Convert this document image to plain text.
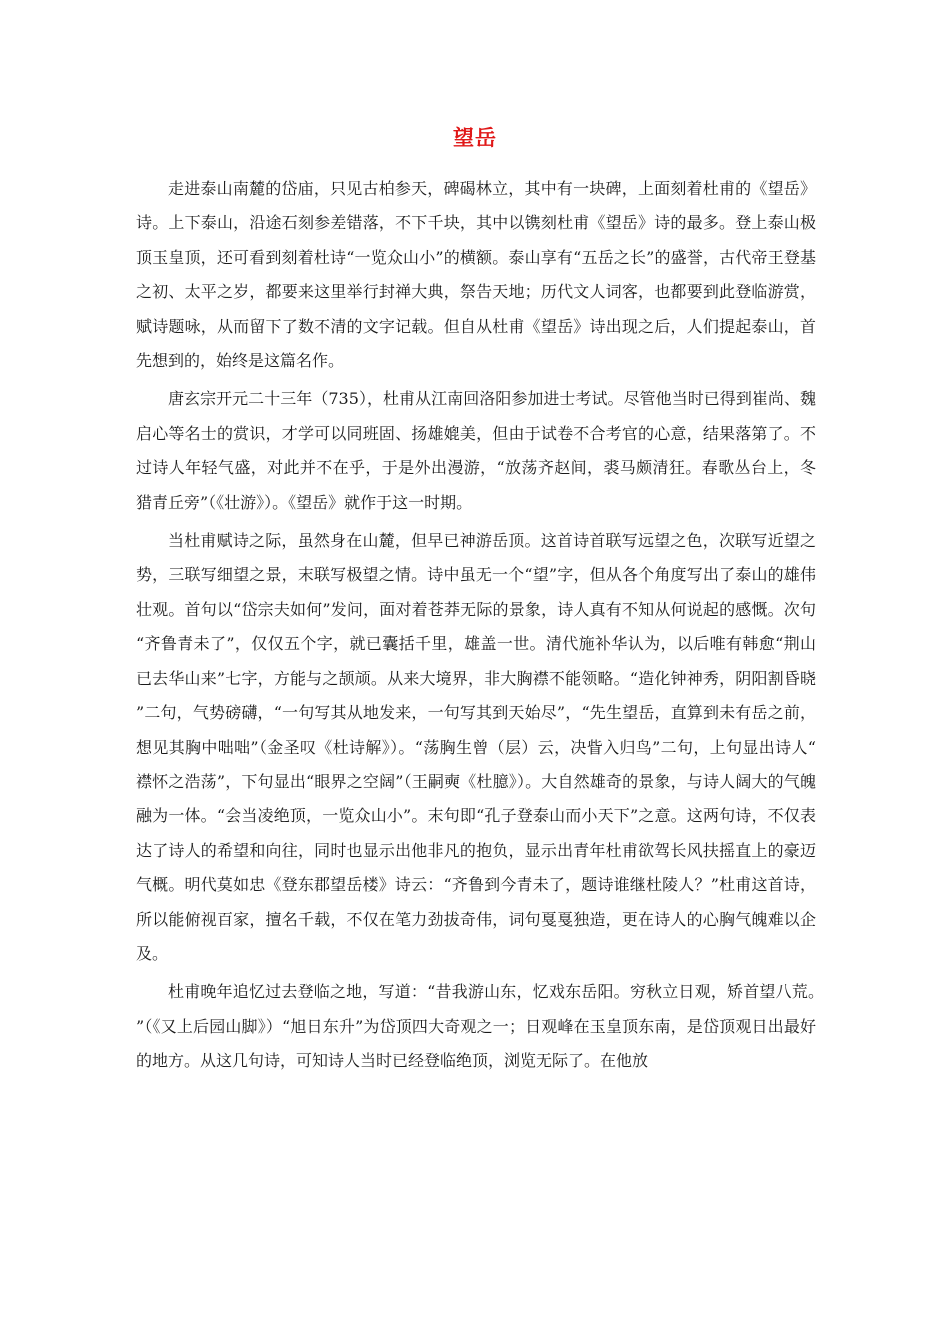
望岳

走进泰山南麓的岱庙，只见古柏参天，碑碣林立，其中有一块碑，上面刻着杜甫的《望岳》诗。上下泰山，沿途石刻参差错落，不下千块，其中以镌刻杜甫《望岳》诗的最多。登上泰山极顶玉皇顶，还可看到刻着杜诗“一览众山小”的横额。泰山享有“五岳之长”的盛誉，古代帝王登基之初、太平之岁，都要来这里举行封禅大典，祭告天地；历代文人词客，也都要到此登临游赏，赋诗题咏，从而留下了数不清的文字记载。但自从杜甫《望岳》诗出现之后，人们提起泰山，首先想到的，始终是这篇名作。

唐玄宗开元二十三年（735），杜甫从江南回洛阳参加进士考试。尽管他当时已得到崔尚、魏启心等名士的赏识，才学可以同班固、扬雄媲美，但由于试卷不合考官的心意，结果落第了。不过诗人年轻气盛，对此并不在乎，于是外出漫游，“放荡齐赵间，裘马颇清狂。春歌丛台上，冬猎青丘旁”（《壮游》）。《望岳》就作于这一时期。

当杜甫赋诗之际，虽然身在山麓，但早已神游岳顶。这首诗首联写远望之色，次联写近望之势，三联写细望之景，末联写极望之情。诗中虽无一个“望”字，但从各个角度写出了泰山的雄伟壮观。首句以“岱宗夫如何”发问，面对着苍莽无际的景象，诗人真有不知从何说起的感慨。次句“齐鲁青未了”，仅仅五个字，就已囊括千里，雄盖一世。清代施补华认为，以后唯有韩愈“荆山已去华山来”七字，方能与之颉颃。从来大境界，非大胸襟不能领略。“造化钟神秀，阴阳割昏晓”二句，气势磅礴，“一句写其从地发来，一句写其到天始尽”，“先生望岳，直算到未有岳之前，想见其胸中咄咄”（金圣叹《杜诗解》）。“荡胸生曾（层）云，决眥入归鸟”二句，上句显出诗人“襟怀之浩荡”，下句显出“眼界之空阔”（王嗣奭《杜臆》）。大自然雄奇的景象，与诗人阔大的气魄融为一体。“会当凌绝顶，一览众山小”。末句即“孔子登泰山而小天下”之意。这两句诗，不仅表达了诗人的希望和向往，同时也显示出他非凡的抱负，显示出青年杜甫欲驾长风扶摇直上的豪迈气概。明代莫如忠《登东郡望岳楼》诗云：“齐鲁到今青未了，题诗谁继杜陵人？”杜甫这首诗，所以能俯视百家，擅名千载，不仅在笔力劲拔奇伟，词句戛戛独造，更在诗人的心胸气魄难以企及。

杜甫晚年追忆过去登临之地，写道：“昔我游山东，忆戏东岳阳。穷秋立日观，矫首望八荒。”（《又上后园山脚》）“旭日东升”为岱顶四大奇观之一；日观峰在玉皇顶东南，是岱顶观日出最好的地方。从这几句诗，可知诗人当时已经登临绝顶，浏览无际了。在他放
